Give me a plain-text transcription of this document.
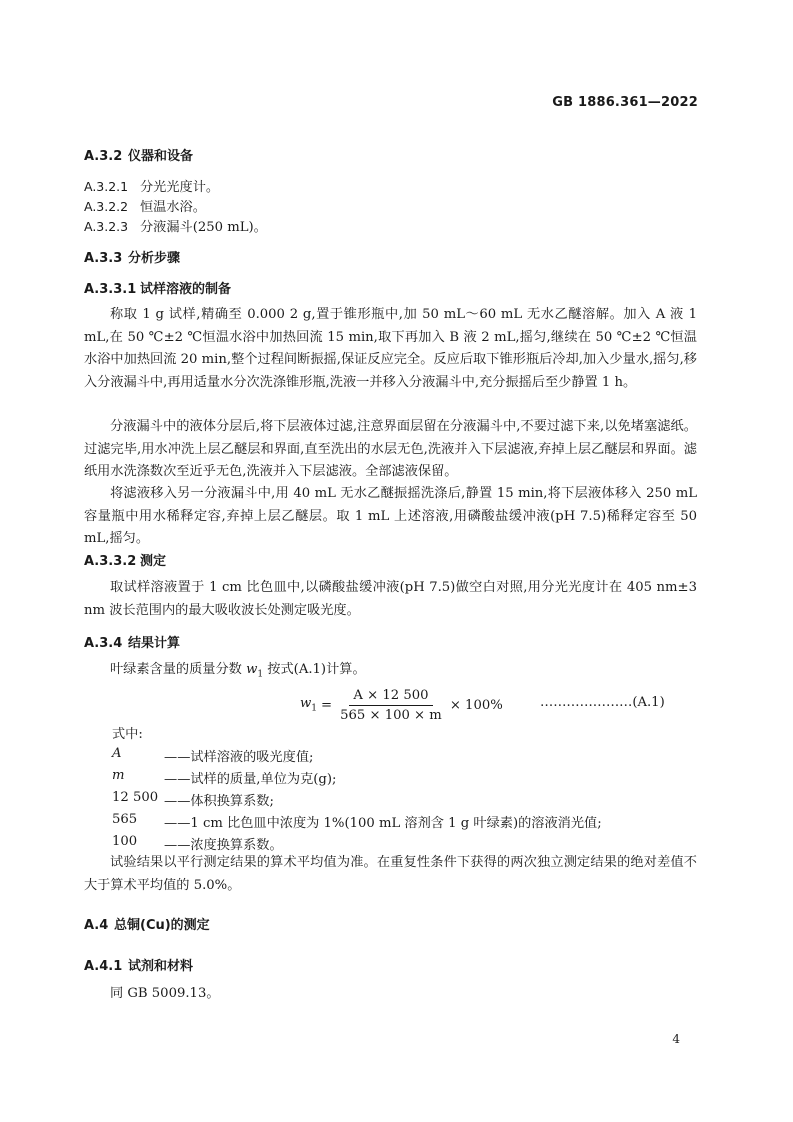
GB 1886.361—2022
A.3.2 仪器和设备
A.3.2.1 分光光度计。
A.3.2.2 恒温水浴。
A.3.2.3 分液漏斗(250 mL)。
A.3.3 分析步骤
A.3.3.1 试样溶液的制备

称取 1 g 试样,精确至 0.000 2 g,置于锥形瓶中,加 50 mL～60 mL 无水乙醚溶解。加入 A 液 1 mL,在 50 ℃±2 ℃恒温水浴中加热回流 15 min,取下再加入 B 液 2 mL,摇匀,继续在 50 ℃±2 ℃恒温水浴中加热回流 20 min,整个过程间断振摇,保证反应完全。反应后取下锥形瓶后冷却,加入少量水,摇匀,移入分液漏斗中,再用适量水分次洗涤锥形瓶,洗液一并移入分液漏斗中,充分振摇后至少静置 1 h。

分液漏斗中的液体分层后,将下层液体过滤,注意界面层留在分液漏斗中,不要过滤下来,以免堵塞滤纸。过滤完毕,用水冲洗上层乙醚层和界面,直至洗出的水层无色,洗液并入下层滤液,弃掉上层乙醚层和界面。滤纸用水洗涤数次至近乎无色,洗液并入下层滤液。全部滤液保留。

将滤液移入另一分液漏斗中,用 40 mL 无水乙醚振摇洗涤后,静置 15 min,将下层液体移入 250 mL容量瓶中用水稀释定容,弃掉上层乙醚层。取 1 mL 上述溶液,用磷酸盐缓冲液(pH 7.5)稀释定容至 50 mL,摇匀。

A.3.3.2 测定

取试样溶液置于 1 cm 比色皿中,以磷酸盐缓冲液(pH 7.5)做空白对照,用分光光度计在 405 nm±3 nm 波长范围内的最大吸收波长处测定吸光度。

A.3.4 结果计算
叶绿素含量的质量分数 $w_1$ 按式(A.1)计算。
$w_1 = \frac{A \times 12 500}{565 \times 100 \times m} \times 100\%$	…………………(A.1)
式中:
A	——试样溶液的吸光度值;
m	——试样的质量,单位为克(g);
12 500 ——体积换算系数;
565	——1 cm 比色皿中浓度为 1%(100 mL 溶剂含 1 g 叶绿素)的溶液消光值;
100	——浓度换算系数。

试验结果以平行测定结果的算术平均值为准。在重复性条件下获得的两次独立测定结果的绝对差值不大于算术平均值的 5.0%。

A.4 总铜(Cu)的测定
A.4.1 试剂和材料

同 GB 5009.13。

4
